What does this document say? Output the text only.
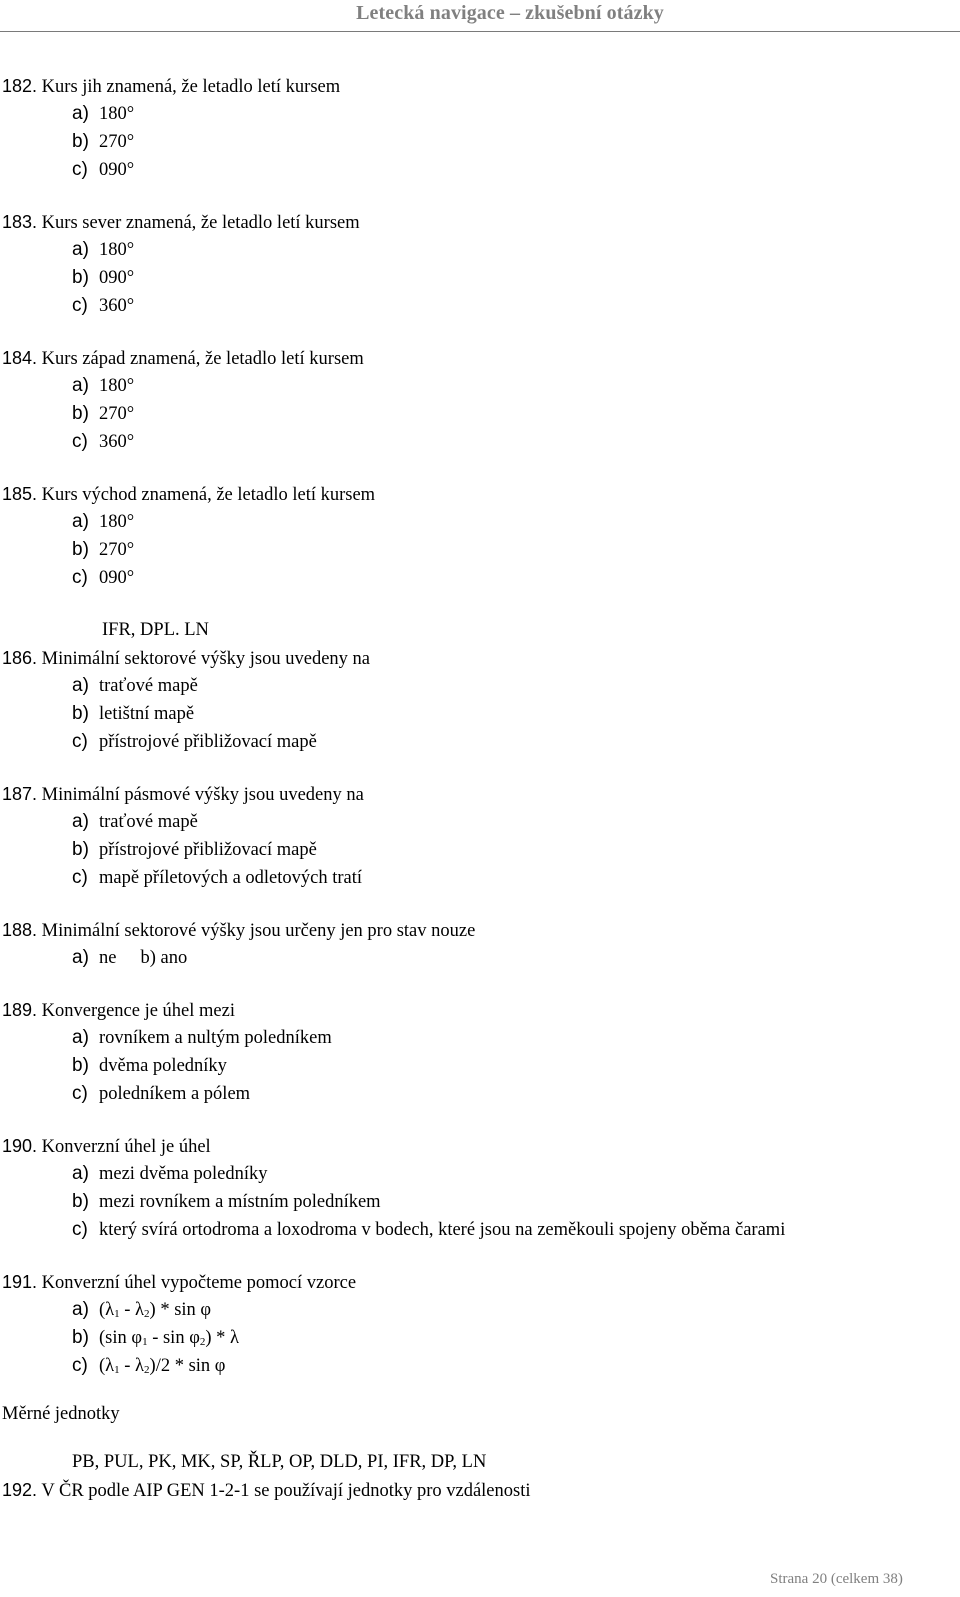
Letecká navigace – zkušební otázky
182. Kurs jih znamená, že letadlo letí kursem
a) 180°
b) 270°
c) 090°
183. Kurs sever znamená, že letadlo letí kursem
a) 180°
b) 090°
c) 360°
184. Kurs západ znamená, že letadlo letí kursem
a) 180°
b) 270°
c) 360°
185. Kurs východ znamená, že letadlo letí kursem
a) 180°
b) 270°
c) 090°
IFR, DPL. LN
186. Minimální sektorové výšky jsou uvedeny na
a) traťové mapě
b) letištní mapě
c) přístrojové přibližovací mapě
187. Minimální pásmové výšky jsou uvedeny na
a) traťové mapě
b) přístrojové přibližovací mapě
c) mapě příletových a odletových tratí
188. Minimální sektorové výšky jsou určeny jen pro stav nouze
a) ne b) ano
189. Konvergence je úhel mezi
a) rovníkem a nultým poledníkem
b) dvěma poledníky
c) poledníkem a pólem
190. Konverzní úhel je úhel
a) mezi dvěma poledníky
b) mezi rovníkem a místním poledníkem
c) který svírá ortodroma a loxodroma v bodech, které jsou na zeměkouli spojeny oběma čarami
191. Konverzní úhel vypočteme pomocí vzorce
a) $(\lambda_1 - \lambda_2)$ * sin φ
b) (sin $\varphi_1$ - $\sin \varphi_2$) * λ
c) $(\lambda_1 - \lambda_2)/2$ * sin φ
Měrné jednotky
PB, PUL, PK, MK, SP, ŘLP, OP, DLD, PI, IFR, DP, LN
192. V ČR podle AIP GEN 1-2-1 se používají jednotky pro vzdálenosti
Strana 20 (celkem 38)
